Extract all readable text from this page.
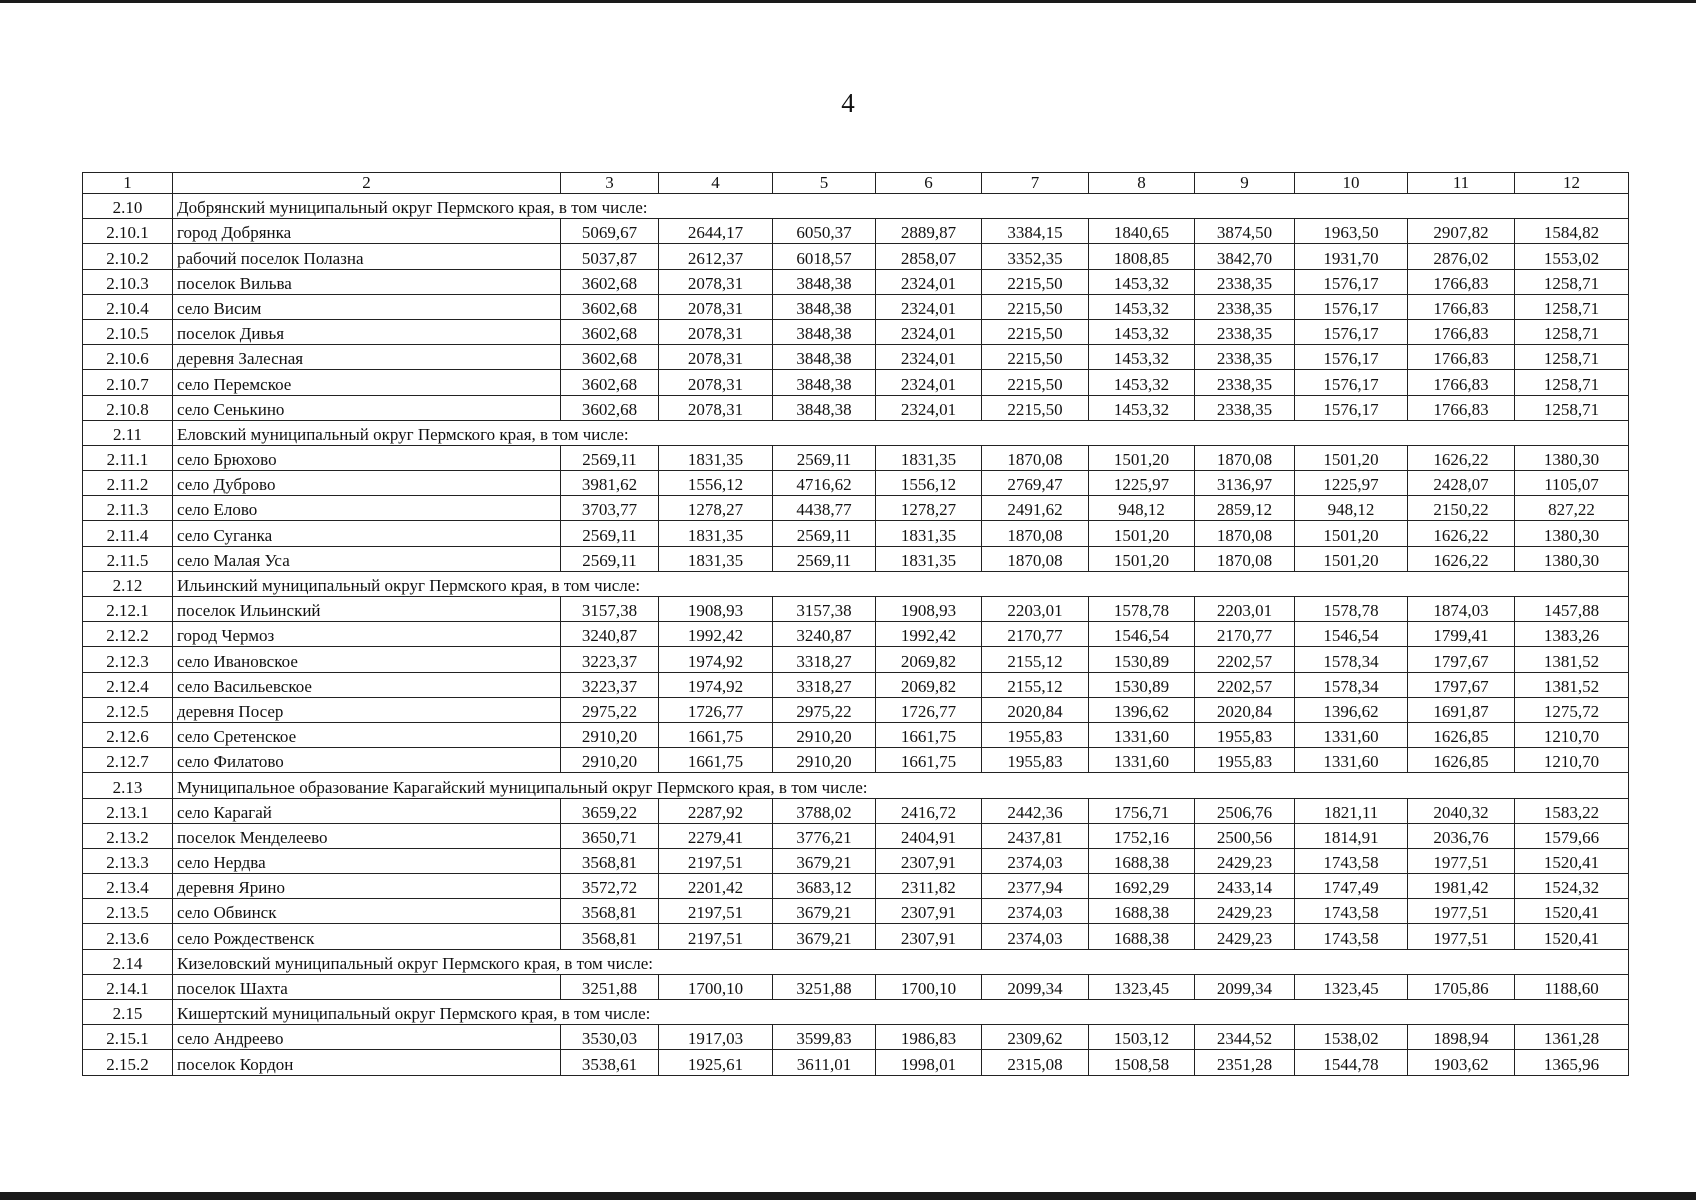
4
1	2	3	4	5	6	7	8	9	10	11	12
2.10	Добрянский муниципальный округ Пермского края, в том числе:										
2.10.1	город Добрянка	5069,67	2644,17	6050,37	2889,87	3384,15	1840,65	3874,50	1963,50	2907,82	1584,82
2.10.2	рабочий поселок Полазна	5037,87	2612,37	6018,57	2858,07	3352,35	1808,85	3842,70	1931,70	2876,02	1553,02
2.10.3	поселок Вильва	3602,68	2078,31	3848,38	2324,01	2215,50	1453,32	2338,35	1576,17	1766,83	1258,71
2.10.4	село Висим	3602,68	2078,31	3848,38	2324,01	2215,50	1453,32	2338,35	1576,17	1766,83	1258,71
2.10.5	поселок Дивья	3602,68	2078,31	3848,38	2324,01	2215,50	1453,32	2338,35	1576,17	1766,83	1258,71
2.10.6	деревня Залесная	3602,68	2078,31	3848,38	2324,01	2215,50	1453,32	2338,35	1576,17	1766,83	1258,71
2.10.7	село Перемское	3602,68	2078,31	3848,38	2324,01	2215,50	1453,32	2338,35	1576,17	1766,83	1258,71
2.10.8	село Сенькино	3602,68	2078,31	3848,38	2324,01	2215,50	1453,32	2338,35	1576,17	1766,83	1258,71
2.11	Еловский муниципальный округ Пермского края, в том числе:										
2.11.1	село Брюхово	2569,11	1831,35	2569,11	1831,35	1870,08	1501,20	1870,08	1501,20	1626,22	1380,30
2.11.2	село Дуброво	3981,62	1556,12	4716,62	1556,12	2769,47	1225,97	3136,97	1225,97	2428,07	1105,07
2.11.3	село Елово	3703,77	1278,27	4438,77	1278,27	2491,62	948,12	2859,12	948,12	2150,22	827,22
2.11.4	село Суганка	2569,11	1831,35	2569,11	1831,35	1870,08	1501,20	1870,08	1501,20	1626,22	1380,30
2.11.5	село Малая Уса	2569,11	1831,35	2569,11	1831,35	1870,08	1501,20	1870,08	1501,20	1626,22	1380,30
2.12	Ильинский муниципальный округ Пермского края, в том числе:										
2.12.1	поселок Ильинский	3157,38	1908,93	3157,38	1908,93	2203,01	1578,78	2203,01	1578,78	1874,03	1457,88
2.12.2	город Чермоз	3240,87	1992,42	3240,87	1992,42	2170,77	1546,54	2170,77	1546,54	1799,41	1383,26
2.12.3	село Ивановское	3223,37	1974,92	3318,27	2069,82	2155,12	1530,89	2202,57	1578,34	1797,67	1381,52
2.12.4	село Васильевское	3223,37	1974,92	3318,27	2069,82	2155,12	1530,89	2202,57	1578,34	1797,67	1381,52
2.12.5	деревня Посер	2975,22	1726,77	2975,22	1726,77	2020,84	1396,62	2020,84	1396,62	1691,87	1275,72
2.12.6	село Сретенское	2910,20	1661,75	2910,20	1661,75	1955,83	1331,60	1955,83	1331,60	1626,85	1210,70
2.12.7	село Филатово	2910,20	1661,75	2910,20	1661,75	1955,83	1331,60	1955,83	1331,60	1626,85	1210,70
2.13	Муниципальное образование Карагайский муниципальный округ Пермского края, в том числе:										
2.13.1	село Карагай	3659,22	2287,92	3788,02	2416,72	2442,36	1756,71	2506,76	1821,11	2040,32	1583,22
2.13.2	поселок Менделеево	3650,71	2279,41	3776,21	2404,91	2437,81	1752,16	2500,56	1814,91	2036,76	1579,66
2.13.3	село Нердва	3568,81	2197,51	3679,21	2307,91	2374,03	1688,38	2429,23	1743,58	1977,51	1520,41
2.13.4	деревня Ярино	3572,72	2201,42	3683,12	2311,82	2377,94	1692,29	2433,14	1747,49	1981,42	1524,32
2.13.5	село Обвинск	3568,81	2197,51	3679,21	2307,91	2374,03	1688,38	2429,23	1743,58	1977,51	1520,41
2.13.6	село Рождественск	3568,81	2197,51	3679,21	2307,91	2374,03	1688,38	2429,23	1743,58	1977,51	1520,41
2.14	Кизеловский муниципальный округ Пермского края, в том числе:										
2.14.1	поселок Шахта	3251,88	1700,10	3251,88	1700,10	2099,34	1323,45	2099,34	1323,45	1705,86	1188,60
2.15	Кишертский муниципальный округ Пермского края, в том числе:										
2.15.1	село Андреево	3530,03	1917,03	3599,83	1986,83	2309,62	1503,12	2344,52	1538,02	1898,94	1361,28
2.15.2	поселок Кордон	3538,61	1925,61	3611,01	1998,01	2315,08	1508,58	2351,28	1544,78	1903,62	1365,96
